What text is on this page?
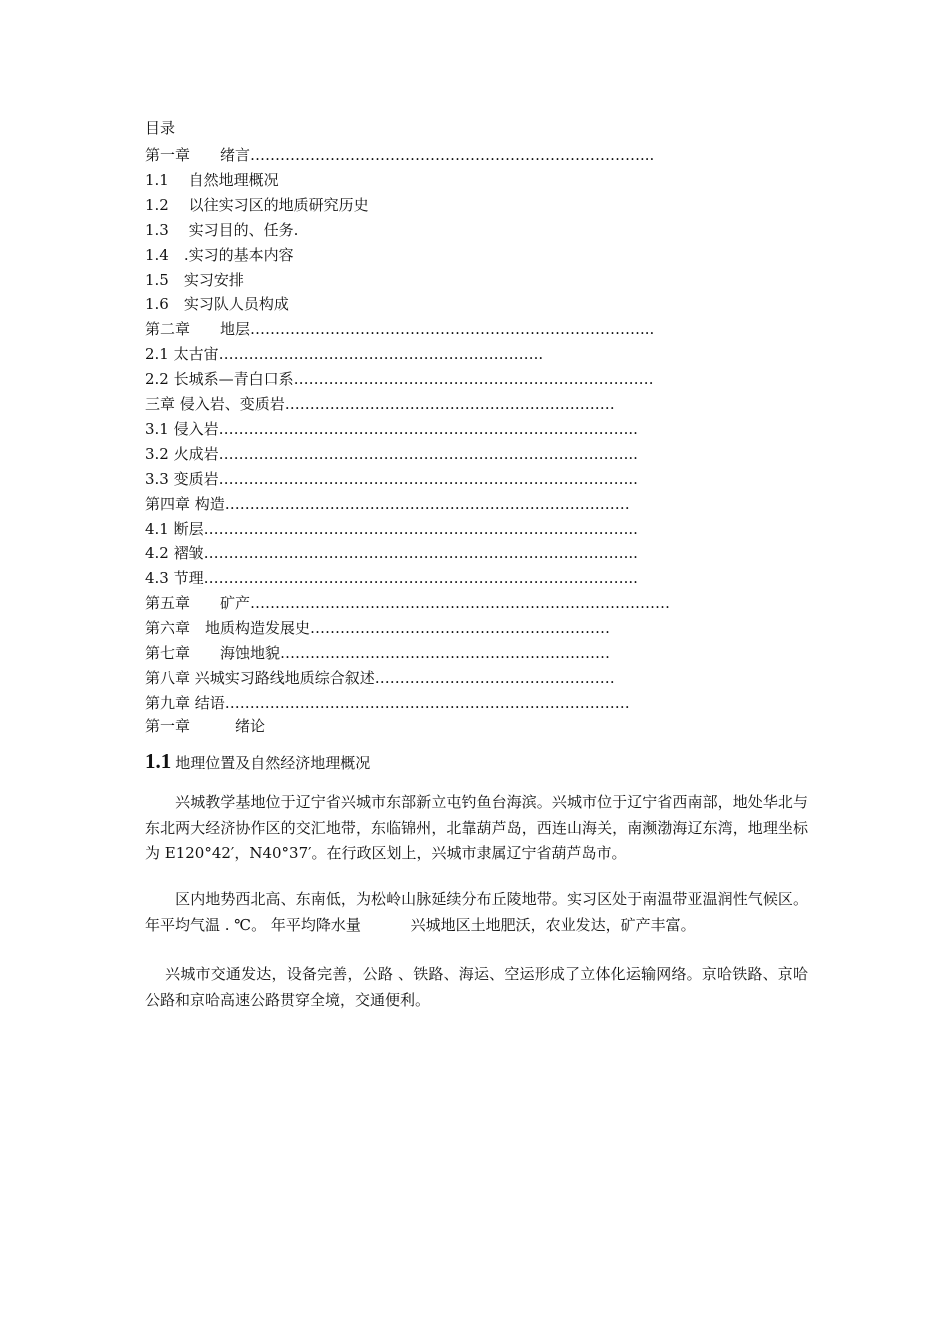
目录
第一章　　绪言……………………………………………………………………...
1.1　 自然地理概况
1.2　 以往实习区的地质研究历史
1.3　 实习目的、任务.
1.4　.实习的基本内容
1.5　实习安排
1.6　实习队人员构成
第二章　　地层……………………………………………………………………...
2.1 太古宙………………………………………………………..
2.2 长城系—青白口系………………………………………………………………
三章 侵入岩、变质岩…………………………………………………………
3.1 侵入岩………………………………………………………………………...
3.2 火成岩………………………………………………………………………...
3.3 变质岩………………………………………………………………………...
第四章 构造………………………………………………………………………
4.1 断层…………………………………………………………………………...
4.2 褶皱…………………………………………………………………………...
4.3 节理…………………………………………………………………………...
第五章　　矿产…………………………………………………………………………
第六章　地质构造发展史……………………………………………………
第七章　　海蚀地貌…………………………………………………………
第八章 兴城实习路线地质综合叙述…………………………………………
第九章 结语………………………………………………………………………
第一章　　　绪论
1.1 地理位置及自然经济地理概况

　　兴城教学基地位于辽宁省兴城市东部新立屯钓鱼台海滨。兴城市位于辽宁省西南部，地处华北与东北两大经济协作区的交汇地带，东临锦州，北靠葫芦岛，西连山海关，南濒渤海辽东湾，地理坐标为 E120°42′，N40°37′。在行政区划上，兴城市隶属辽宁省葫芦岛市。

　　区内地势西北高、东南低，为松岭山脉延续分布丘陵地带。实习区处于南温带亚温润性气候区。年平均气温 . ℃。 年平均降水量　　　 兴城地区土地肥沃，农业发达，矿产丰富。

　 兴城市交通发达，设备完善，公路 、铁路、海运、空运形成了立体化运输网络。京哈铁路、京哈公路和京哈高速公路贯穿全境，交通便利。
